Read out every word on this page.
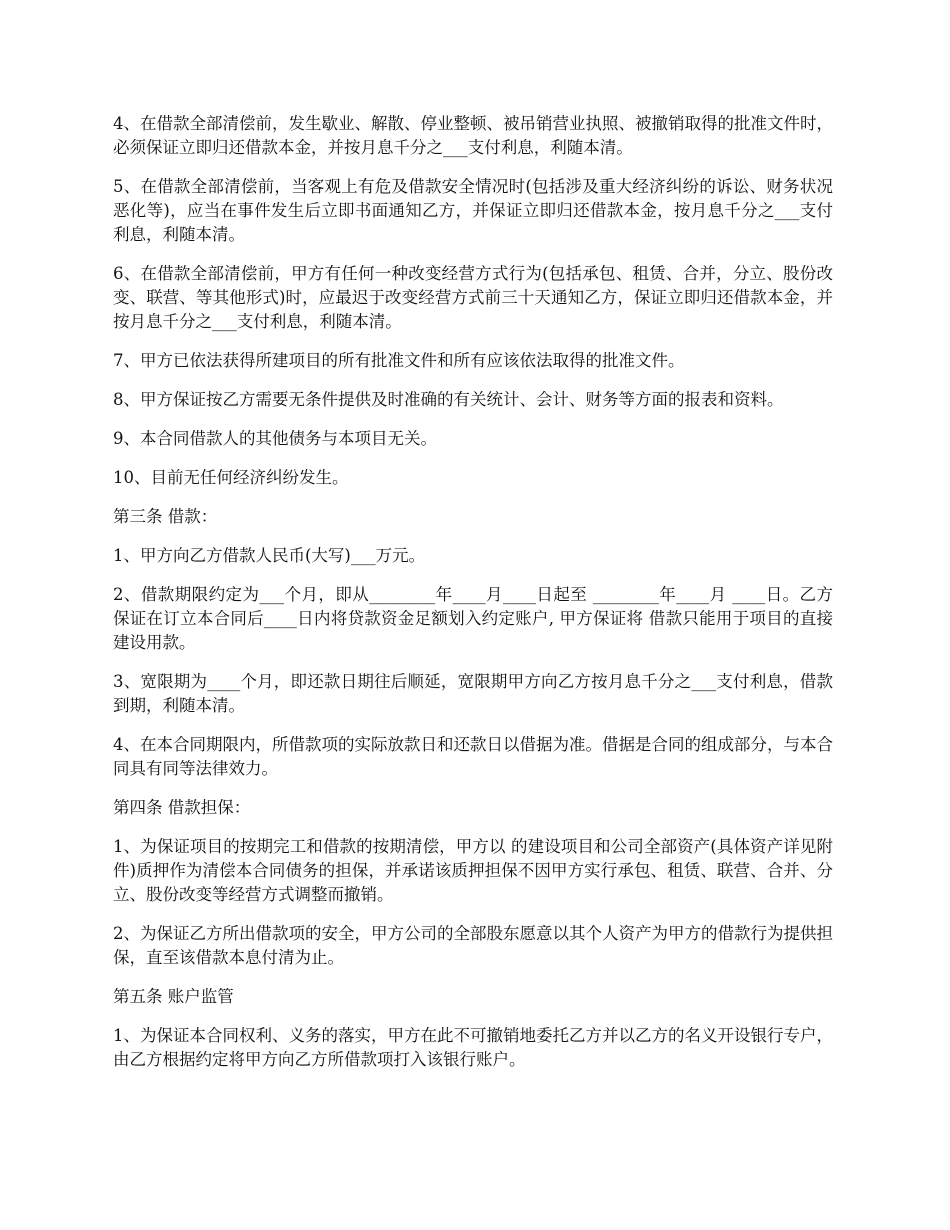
4、在借款全部清偿前，发生歇业、解散、停业整顿、被吊销营业执照、被撤销取得的批准文件时，必须保证立即归还借款本金，并按月息千分之___支付利息，利随本清。

5、在借款全部清偿前，当客观上有危及借款安全情况时(包括涉及重大经济纠纷的诉讼、财务状况恶化等)，应当在事件发生后立即书面通知乙方，并保证立即归还借款本金，按月息千分之___支付利息，利随本清。

6、在借款全部清偿前，甲方有任何一种改变经营方式行为(包括承包、租赁、合并，分立、股份改变、联营、等其他形式)时，应最迟于改变经营方式前三十天通知乙方，保证立即归还借款本金，并按月息千分之___支付利息，利随本清。

7、甲方已依法获得所建项目的所有批准文件和所有应该依法取得的批准文件。

8、甲方保证按乙方需要无条件提供及时准确的有关统计、会计、财务等方面的报表和资料。

9、本合同借款人的其他债务与本项目无关。

10、目前无任何经济纠纷发生。

第三条 借款：

1、甲方向乙方借款人民币(大写)___万元。

2、借款期限约定为___个月，即从________年____月____日起至 ________年____月 ____日。乙方保证在订立本合同后____日内将贷款资金足额划入约定账户, 甲方保证将 借款只能用于项目的直接建设用款。

3、宽限期为____个月，即还款日期往后顺延，宽限期甲方向乙方按月息千分之___支付利息，借款到期，利随本清。

4、在本合同期限内，所借款项的实际放款日和还款日以借据为准。借据是合同的组成部分，与本合同具有同等法律效力。

第四条 借款担保：

1、为保证项目的按期完工和借款的按期清偿，甲方以 的建设项目和公司全部资产(具体资产详见附件)质押作为清偿本合同债务的担保，并承诺该质押担保不因甲方实行承包、租赁、联营、合并、分立、股份改变等经营方式调整而撤销。

2、为保证乙方所出借款项的安全，甲方公司的全部股东愿意以其个人资产为甲方的借款行为提供担保，直至该借款本息付清为止。

第五条 账户监管

1、为保证本合同权利、义务的落实，甲方在此不可撤销地委托乙方并以乙方的名义开设银行专户，由乙方根据约定将甲方向乙方所借款项打入该银行账户。
